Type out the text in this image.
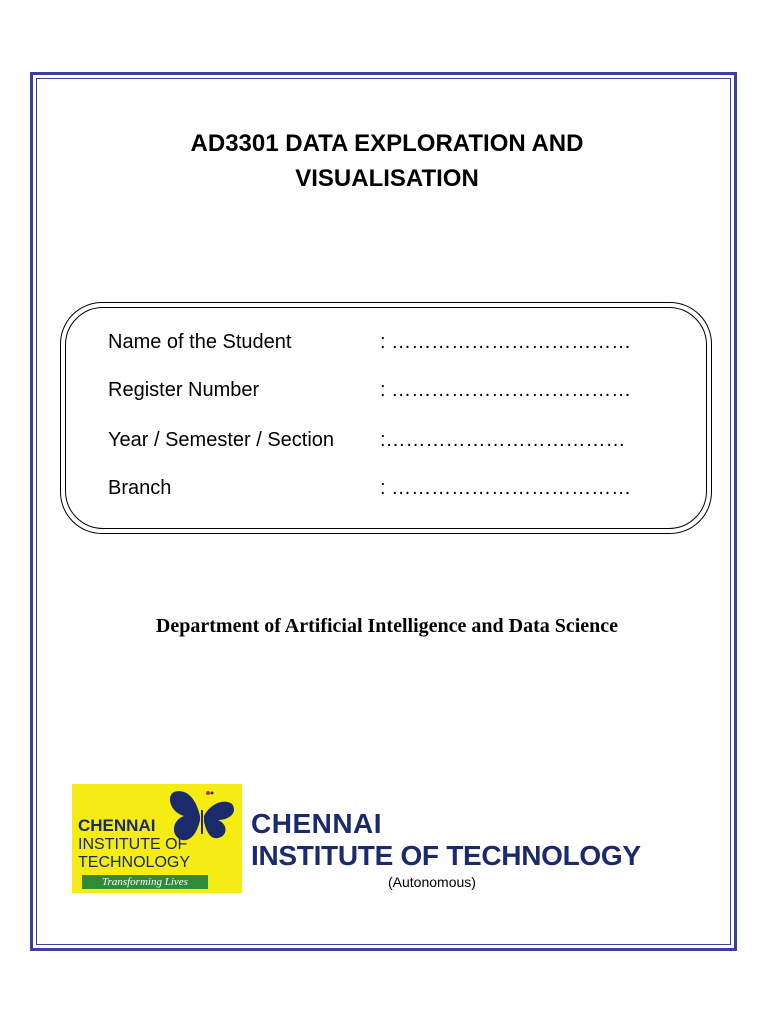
AD3301 DATA EXPLORATION AND
VISUALISATION
Name of the Student	: ………………………………
Register Number	: ………………………………
Year / Semester / Section :………………………………
Branch	: ………………………………
Department of Artificial Intelligence and Data Science
CHENNAI
INSTITUTE OF
TECHNOLOGY
Transforming Lives
CHENNAI
INSTITUTE OF TECHNOLOGY
(Autonomous)
